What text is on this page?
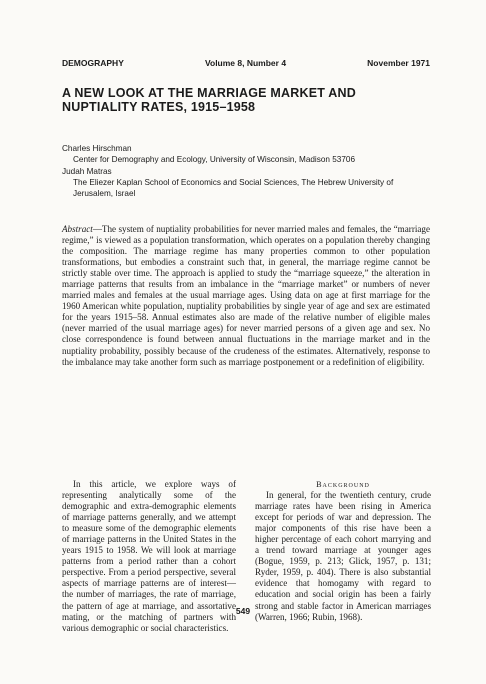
DEMOGRAPHY	Volume 8, Number 4	November 1971
A NEW LOOK AT THE MARRIAGE MARKET AND NUPTIALITY RATES, 1915–1958
Charles Hirschman
Center for Demography and Ecology, University of Wisconsin, Madison 53706
Judah Matras
The Eliezer Kaplan School of Economics and Social Sciences, The Hebrew University of Jerusalem, Israel
Abstract—The system of nuptiality probabilities for never married males and females, the “marriage regime,” is viewed as a population transformation, which operates on a population thereby changing the composition. The marriage regime has many properties common to other population transformations, but embodies a constraint such that, in general, the marriage regime cannot be strictly stable over time. The approach is applied to study the “marriage squeeze,” the alteration in marriage patterns that results from an imbalance in the “marriage market” or numbers of never married males and females at the usual marriage ages. Using data on age at first marriage for the 1960 American white population, nuptiality probabilities by single year of age and sex are estimated for the years 1915–58. Annual estimates also are made of the relative number of eligible males (never married of the usual marriage ages) for never married persons of a given age and sex. No close correspondence is found between annual fluctuations in the marriage market and in the nuptiality probability, possibly because of the crudeness of the estimates. Alternatively, response to the imbalance may take another form such as marriage postponement or a redefinition of eligibility.

In this article, we explore ways of representing analytically some of the demographic and extra-demographic elements of marriage patterns generally, and we attempt to measure some of the demographic elements of marriage patterns in the United States in the years 1915 to 1958. We will look at marriage patterns from a period rather than a cohort perspective. From a period perspective, several aspects of marriage patterns are of interest—the number of marriages, the rate of marriage, the pattern of age at marriage, and assortative mating, or the matching of partners with various demographic or social characteristics.

Background

In general, for the twentieth century, crude marriage rates have been rising in America except for periods of war and depression. The major components of this rise have been a higher percentage of each cohort marrying and a trend toward marriage at younger ages (Bogue, 1959, p. 213; Glick, 1957, p. 131; Ryder, 1959, p. 404). There is also substantial evidence that homogamy with regard to education and social origin has been a fairly strong and stable factor in American marriages (Warren, 1966; Rubin, 1968).

549
